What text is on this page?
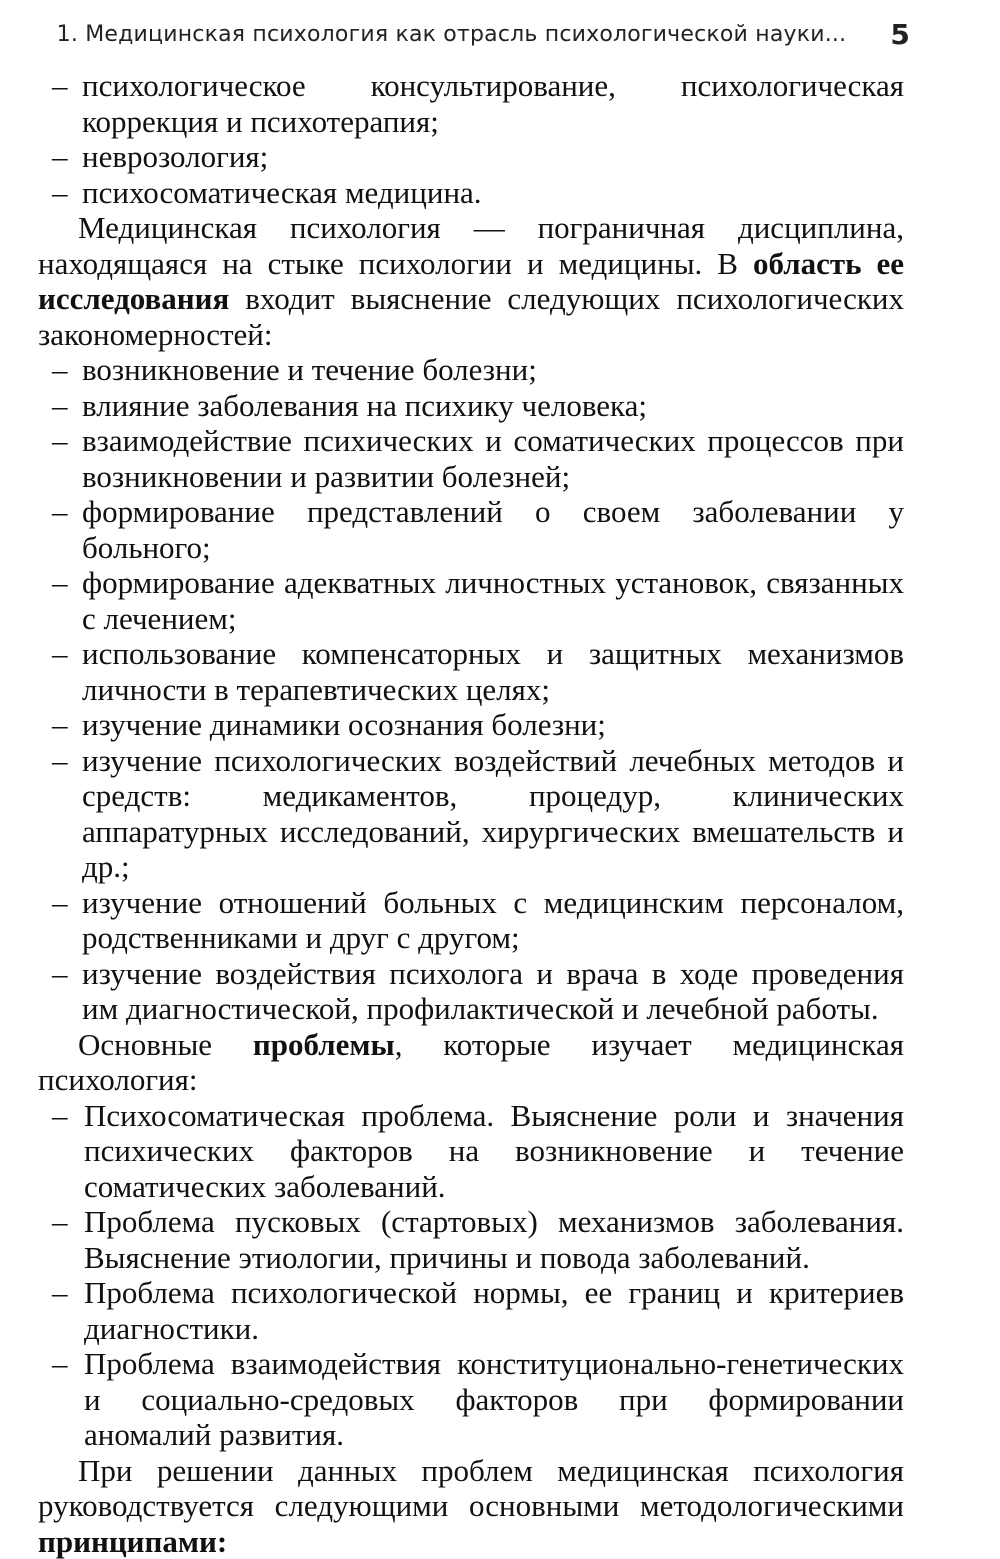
1. Медицинская психология как отрасль психологической науки... 5

– психологическое консультирование, психологическая коррекция и психотерапия;

– неврозология;

– психосоматическая медицина.

Медицинская психология — пограничная дисциплина, находящаяся на стыке психологии и медицины. В область ее исследования входит выяснение следующих психологических закономерностей:

– возникновение и течение болезни;

– влияние заболевания на психику человека;

– взаимодействие психических и соматических процессов при возникновении и развитии болезней;

– формирование представлений о своем заболевании у больного;

– формирование адекватных личностных установок, связанных с лечением;

– использование компенсаторных и защитных механизмов личности в терапевтических целях;

– изучение динамики осознания болезни;

– изучение психологических воздействий лечебных методов и средств: медикаментов, процедур, клинических аппаратурных исследований, хирургических вмешательств и др.;

– изучение отношений больных с медицинским персоналом, родственниками и друг с другом;

– изучение воздействия психолога и врача в ходе проведения им диагностической, профилактической и лечебной работы.

Основные проблемы, которые изучает медицинская психология:

– Психосоматическая проблема. Выяснение роли и значения психических факторов на возникновение и течение соматических заболеваний.

– Проблема пусковых (стартовых) механизмов заболевания. Выяснение этиологии, причины и повода заболеваний.

– Проблема психологической нормы, ее границ и критериев диагностики.

– Проблема взаимодействия конституционально-генетических и социально-средовых факторов при формировании аномалий развития.

При решении данных проблем медицинская психология руководствуется следующими основными методологическими принципами:
